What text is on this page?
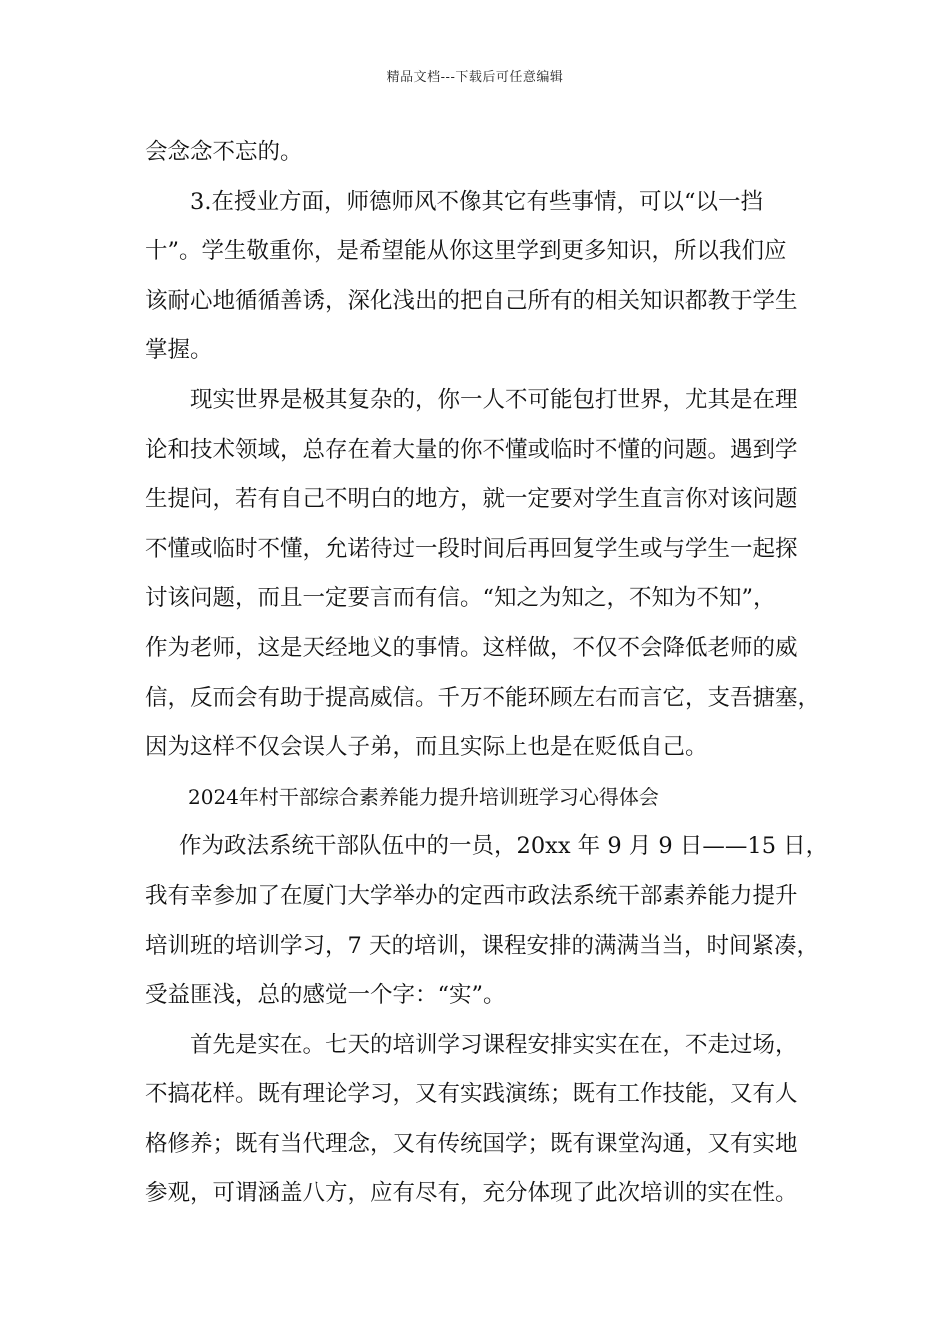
精品文档---下载后可任意编辑
会念念不忘的。
3.在授业方面，师德师风不像其它有些事情，可以“以一挡
十”。学生敬重你，是希望能从你这里学到更多知识，所以我们应
该耐心地循循善诱，深化浅出的把自己所有的相关知识都教于学生
掌握。
现实世界是极其复杂的，你一人不可能包打世界，尤其是在理
论和技术领域，总存在着大量的你不懂或临时不懂的问题。遇到学
生提问，若有自己不明白的地方，就一定要对学生直言你对该问题
不懂或临时不懂，允诺待过一段时间后再回复学生或与学生一起探
讨该问题，而且一定要言而有信。“知之为知之，不知为不知”，
作为老师，这是天经地义的事情。这样做，不仅不会降低老师的威
信，反而会有助于提高威信。千万不能环顾左右而言它，支吾搪塞，
因为这样不仅会误人子弟，而且实际上也是在贬低自己。
2024年村干部综合素养能力提升培训班学习心得体会
作为政法系统干部队伍中的一员，20xx 年 9 月 9 日——15 日，
我有幸参加了在厦门大学举办的定西市政法系统干部素养能力提升
培训班的培训学习，7 天的培训，课程安排的满满当当，时间紧凑，
受益匪浅，总的感觉一个字：“实”。
首先是实在。七天的培训学习课程安排实实在在，不走过场，
不搞花样。既有理论学习，又有实践演练；既有工作技能，又有人
格修养；既有当代理念，又有传统国学；既有课堂沟通，又有实地
参观，可谓涵盖八方，应有尽有，充分体现了此次培训的实在性。
